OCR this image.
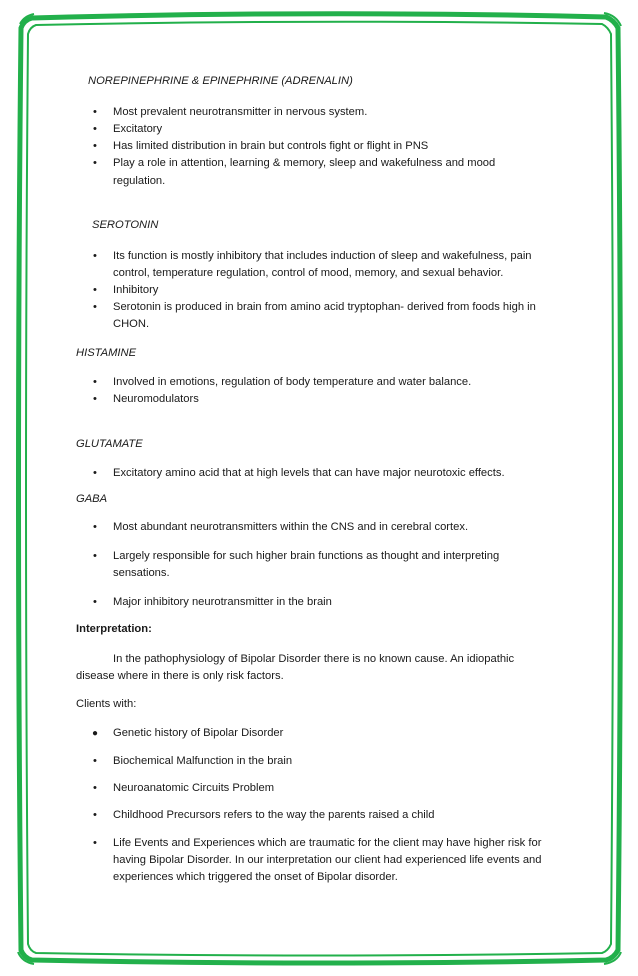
NOREPINEPHRINE & EPINEPHRINE (ADRENALIN)
• Most prevalent neurotransmitter in nervous system.
• Excitatory
• Has limited distribution in brain but controls fight or flight in PNS
• Play a role in attention, learning & memory, sleep and wakefulness and mood
regulation.
SEROTONIN
• Its function is mostly inhibitory that includes induction of sleep and wakefulness, pain
control, temperature regulation, control of mood, memory, and sexual behavior.
• Inhibitory
• Serotonin is produced in brain from amino acid tryptophan- derived from foods high in
CHON.
HISTAMINE
• Involved in emotions, regulation of body temperature and water balance.
• Neuromodulators
GLUTAMATE
• Excitatory amino acid that at high levels that can have major neurotoxic effects.
GABA
• Most abundant neurotransmitters within the CNS and in cerebral cortex.
• Largely responsible for such higher brain functions as thought and interpreting
sensations.
• Major inhibitory neurotransmitter in the brain
Interpretation:
In the pathophysiology of Bipolar Disorder there is no known cause. An idiopathic
disease where in there is only risk factors.
Clients with:
● Genetic history of Bipolar Disorder
• Biochemical Malfunction in the brain
• Neuroanatomic Circuits Problem
• Childhood Precursors refers to the way the parents raised a child
• Life Events and Experiences which are traumatic for the client may have higher risk for
having Bipolar Disorder. In our interpretation our client had experienced life events and
experiences which triggered the onset of Bipolar disorder.
